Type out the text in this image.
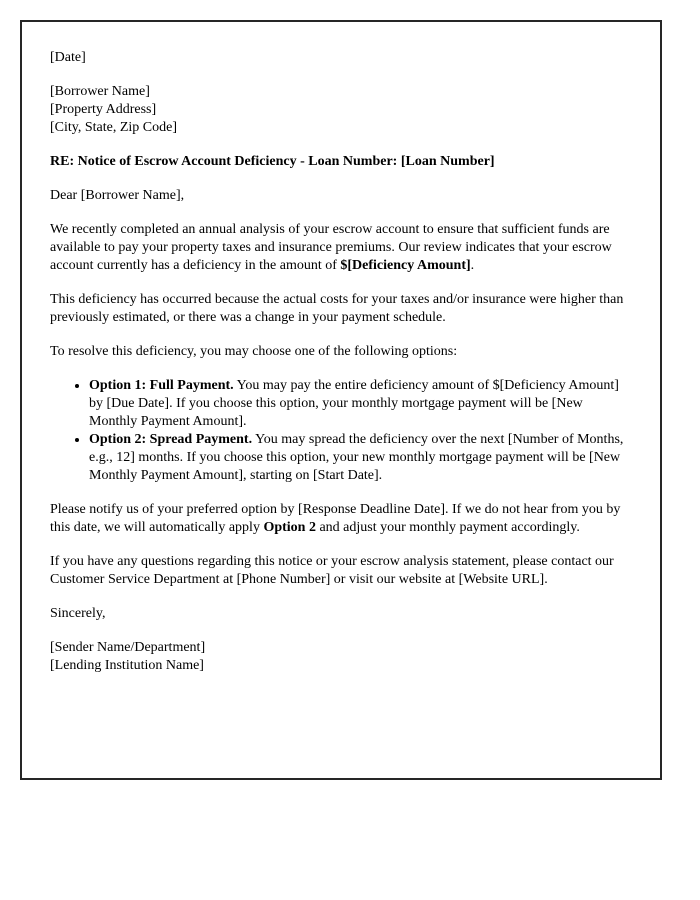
[Date]

[Borrower Name]

[Property Address]

[City, State, Zip Code]

RE: Notice of Escrow Account Deficiency - Loan Number: [Loan Number]

Dear [Borrower Name],

We recently completed an annual analysis of your escrow account to ensure that sufficient funds are available to pay your property taxes and insurance premiums. Our review indicates that your escrow account currently has a deficiency in the amount of $[Deficiency Amount].

This deficiency has occurred because the actual costs for your taxes and/or insurance were higher than previously estimated, or there was a change in your payment schedule.

To resolve this deficiency, you may choose one of the following options:

• Option 1: Full Payment. You may pay the entire deficiency amount of $[Deficiency Amount] by [Due Date]. If you choose this option, your monthly mortgage payment will be [New Monthly Payment Amount].
• Option 2: Spread Payment. You may spread the deficiency over the next [Number of Months, e.g., 12] months. If you choose this option, your new monthly mortgage payment will be [New Monthly Payment Amount], starting on [Start Date].

Please notify us of your preferred option by [Response Deadline Date]. If we do not hear from you by this date, we will automatically apply Option 2 and adjust your monthly payment accordingly.

If you have any questions regarding this notice or your escrow analysis statement, please contact our Customer Service Department at [Phone Number] or visit our website at [Website URL].

Sincerely,

[Sender Name/Department]

[Lending Institution Name]
